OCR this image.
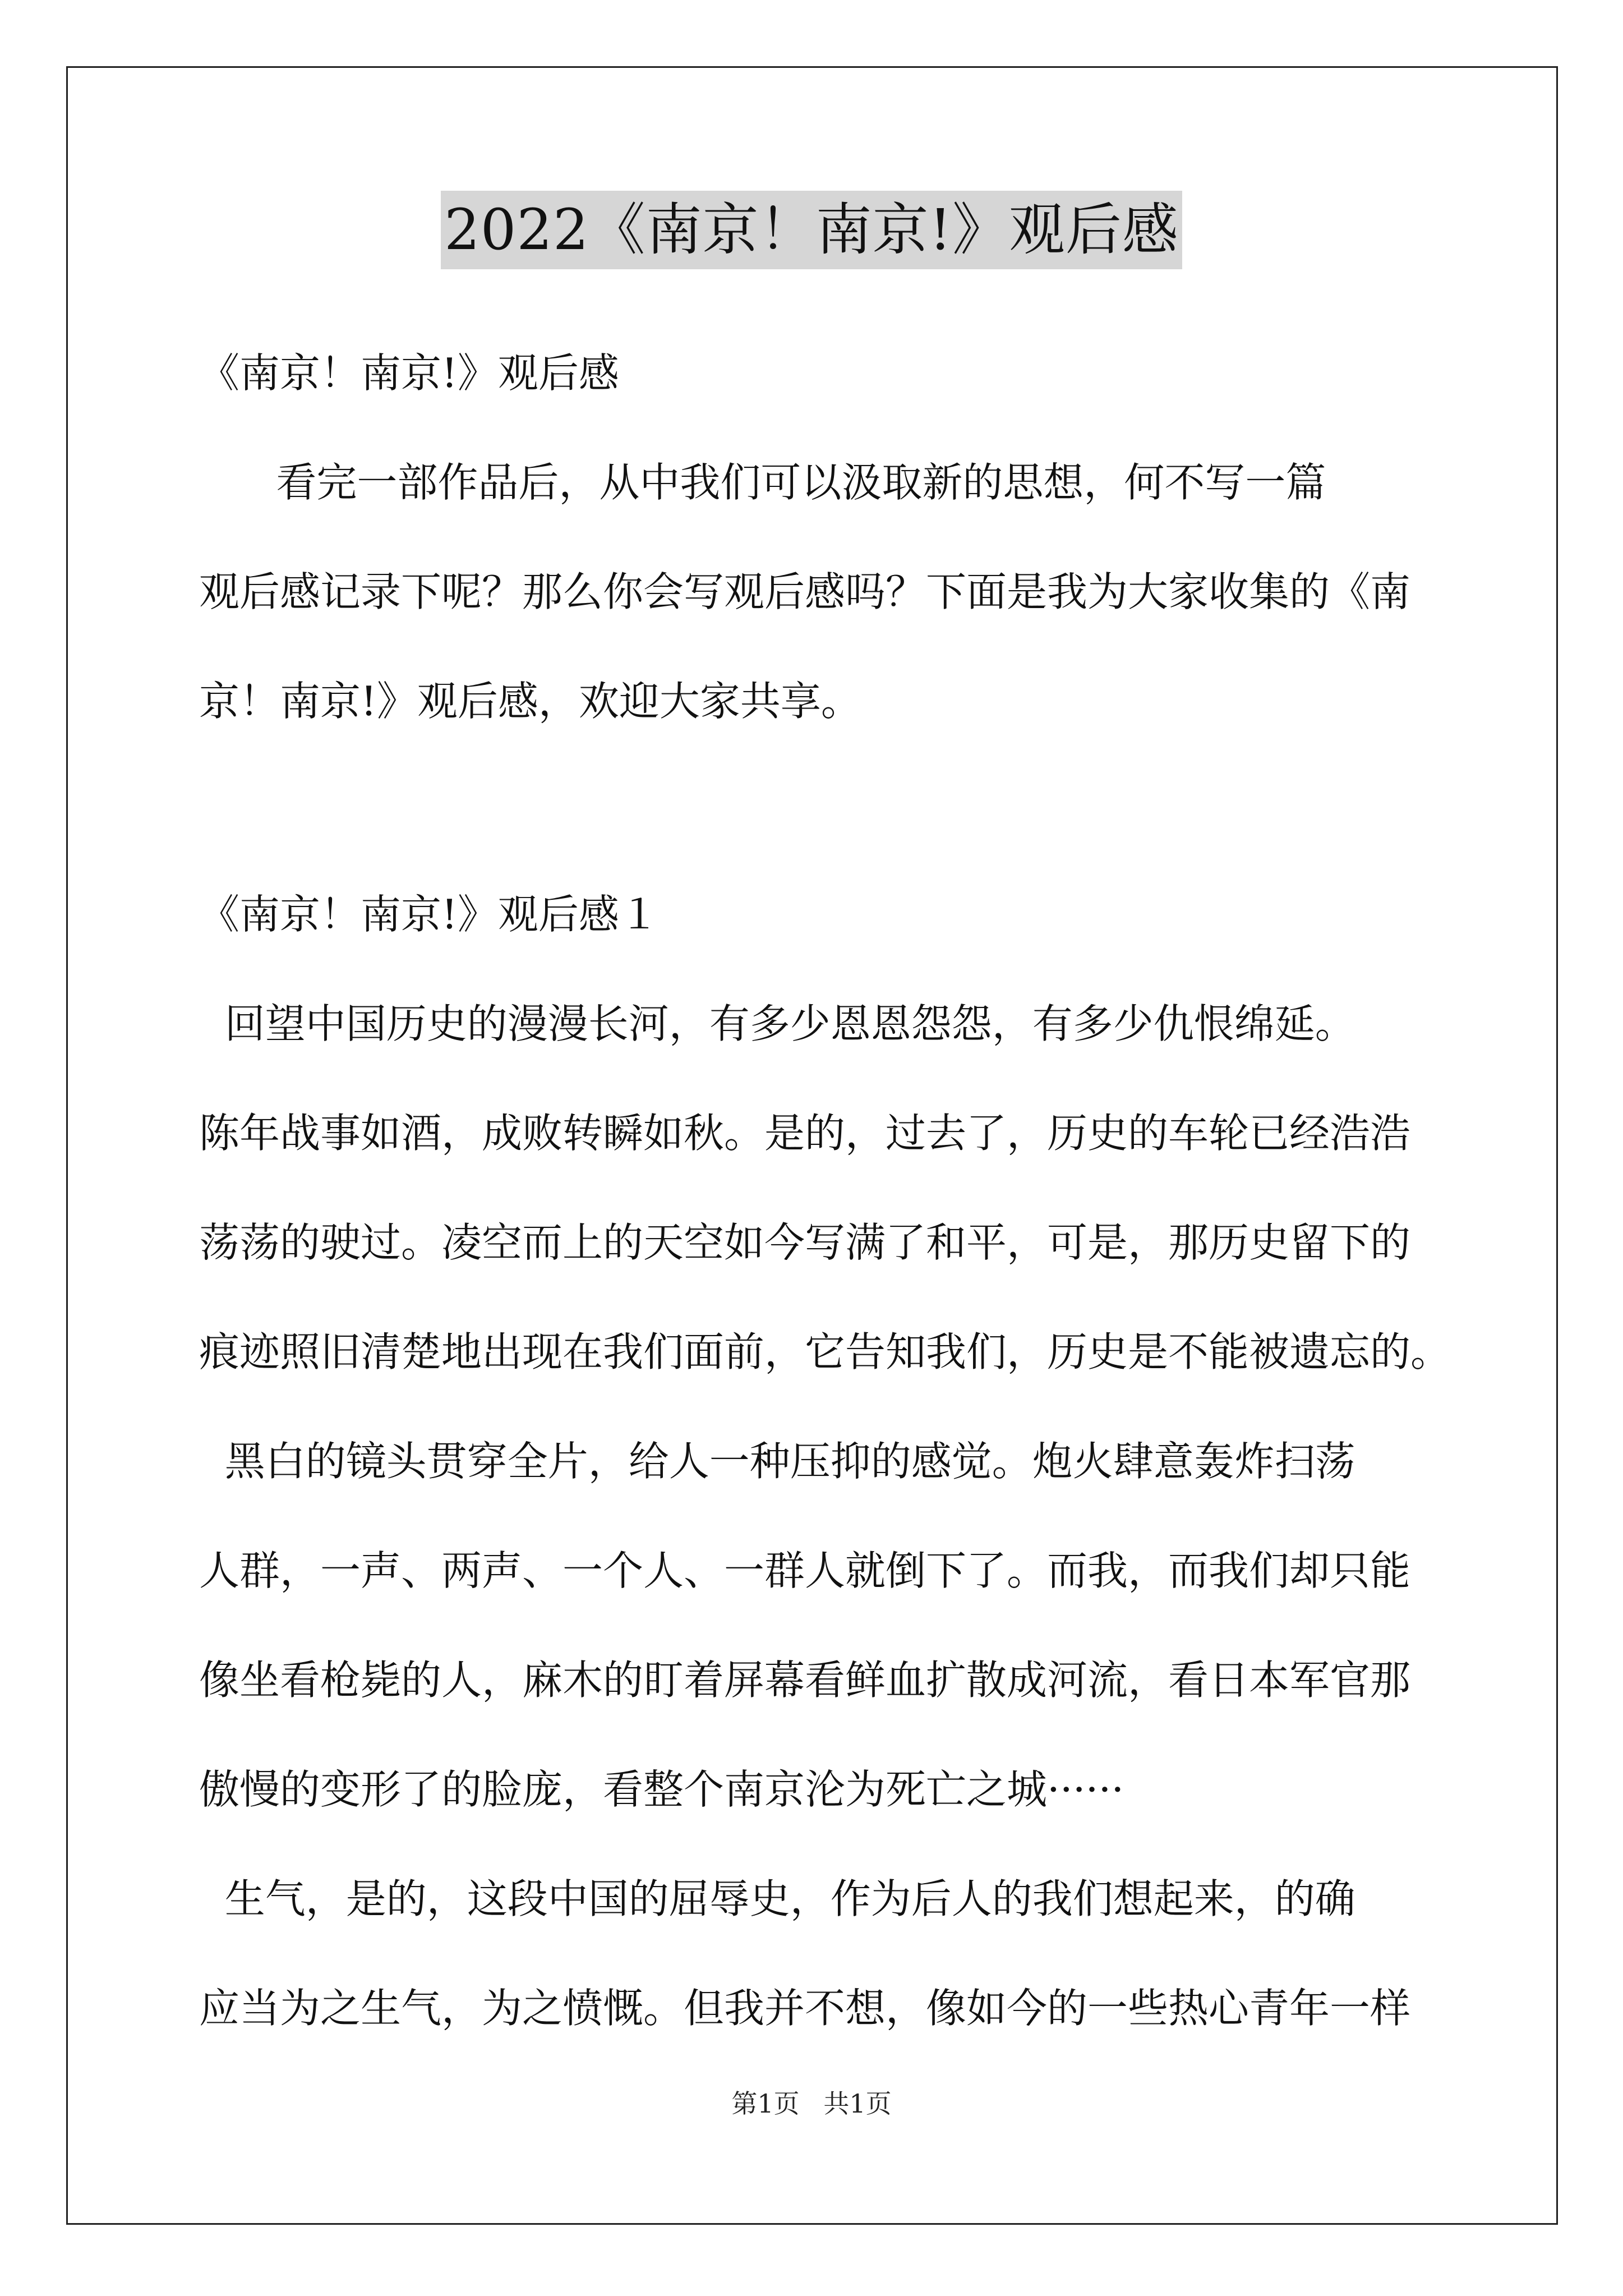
2022《南京！南京!》观后感
《南京！南京!》观后感
看完一部作品后，从中我们可以汲取新的思想，何不写一篇
观后感记录下呢？那么你会写观后感吗？下面是我为大家收集的《南
京！南京!》观后感，欢迎大家共享。
《南京！南京!》观后感１
回望中国历史的漫漫长河，有多少恩恩怨怨，有多少仇恨绵延。
陈年战事如酒，成败转瞬如秋。是的，过去了，历史的车轮已经浩浩
荡荡的驶过。凌空而上的天空如今写满了和平，可是，那历史留下的
痕迹照旧清楚地出现在我们面前，它告知我们，历史是不能被遗忘的。
黑白的镜头贯穿全片，给人一种压抑的感觉。炮火肆意轰炸扫荡
人群，一声、两声、一个人、一群人就倒下了。而我，而我们却只能
像坐看枪毙的人，麻木的盯着屏幕看鲜血扩散成河流，看日本军官那
傲慢的变形了的脸庞，看整个南京沦为死亡之城······
生气，是的，这段中国的屈辱史，作为后人的我们想起来，的确
应当为之生气，为之愤慨。但我并不想，像如今的一些热心青年一样
第1页 共1页
